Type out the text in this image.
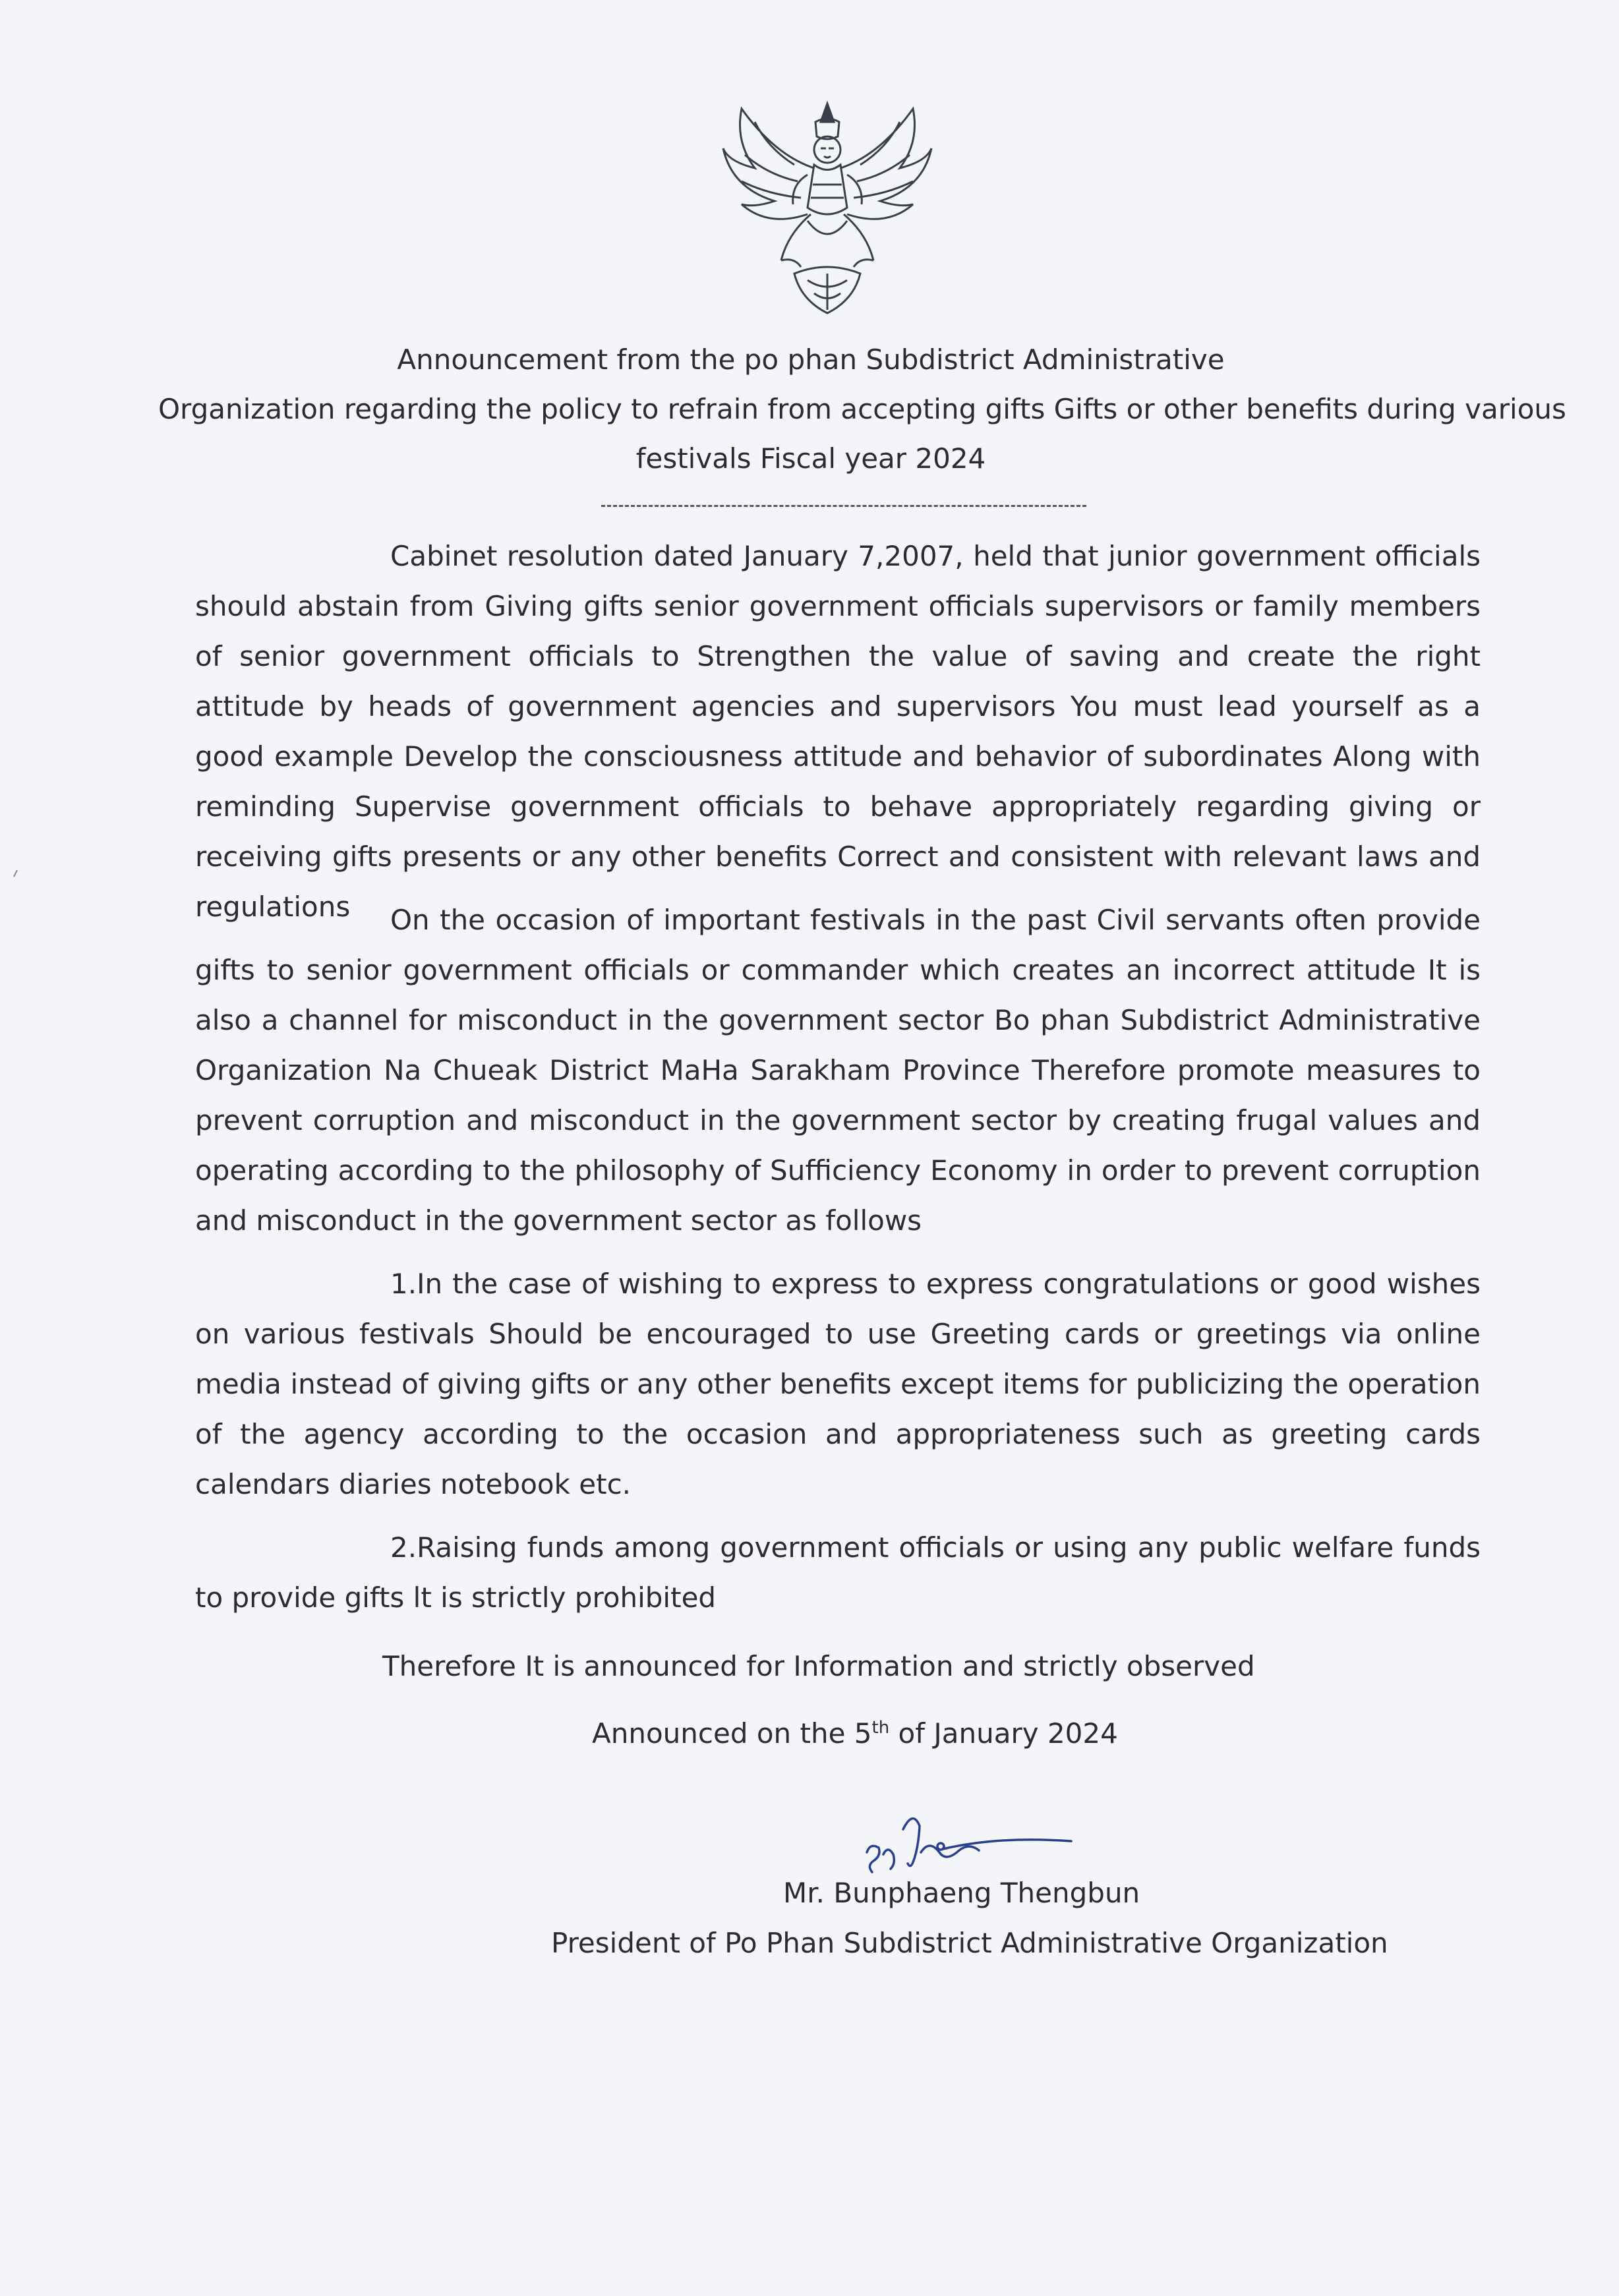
Announcement from the po phan Subdistrict Administrative
Organization regarding the policy to refrain from accepting gifts Gifts or other benefits during various
festivals Fiscal year 2024

Cabinet resolution dated January 7,2007, held that junior government officials should abstain from Giving gifts senior government officials supervisors or family members of senior government officials to Strengthen the value of saving and create the right attitude by heads of government agencies and supervisors You must lead yourself as a good example Develop the consciousness attitude and behavior of subordinates Along with reminding Supervise government officials to behave appropriately regarding giving or receiving gifts presents or any other benefits Correct and consistent with relevant laws and regulations	On the occasion of important festivals in the past Civil servants often provide gifts to senior government officials or commander which creates an incorrect attitude It is also a channel for misconduct in the government sector Bo phan Subdistrict Administrative Organization Na Chueak District MaHa Sarakham Province Therefore promote measures to prevent corruption and misconduct in the government sector by creating frugal values and operating according to the philosophy of Sufficiency Economy in order to prevent corruption and misconduct in the government sector as follows

1.In the case of wishing to express to express congratulations or good wishes on various festivals Should be encouraged to use Greeting cards or greetings via online media instead of giving gifts or any other benefits except items for publicizing the operation of the agency according to the occasion and appropriateness such as greeting cards calendars diaries notebook etc.

2.Raising funds among government officials or using any public welfare funds to provide gifts lt is strictly prohibited

Therefore It is announced for Information and strictly observed
Announced on the 5th of January 2024
Mr. Bunphaeng Thengbun
President of Po Phan Subdistrict Administrative Organization
